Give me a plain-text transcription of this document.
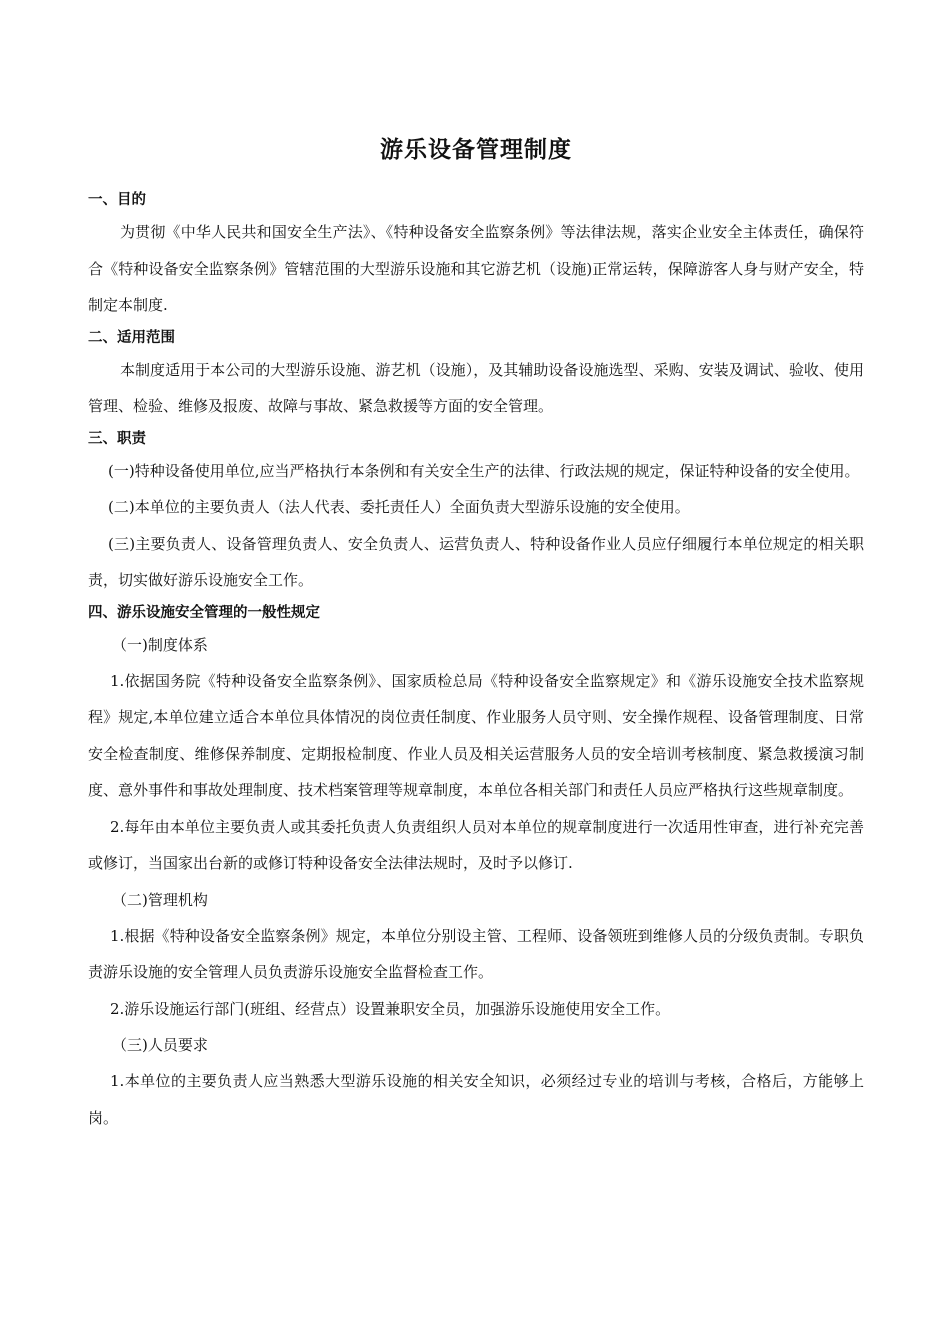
游乐设备管理制度
一、目的

为贯彻《中华人民共和国安全生产法》、《特种设备安全监察条例》等法律法规，落实企业安全主体责任，确保符合《特种设备安全监察条例》管辖范围的大型游乐设施和其它游艺机（设施)正常运转，保障游客人身与财产安全，特制定本制度.

二、适用范围

本制度适用于本公司的大型游乐设施、游艺机（设施），及其辅助设备设施选型、采购、安装及调试、验收、使用管理、检验、维修及报废、故障与事故、紧急救援等方面的安全管理。

三、职责

(一)特种设备使用单位,应当严格执行本条例和有关安全生产的法律、行政法规的规定，保证特种设备的安全使用。

(二)本单位的主要负责人（法人代表、委托责任人）全面负责大型游乐设施的安全使用。

(三)主要负责人、设备管理负责人、安全负责人、运营负责人、特种设备作业人员应仔细履行本单位规定的相关职责，切实做好游乐设施安全工作。

四、游乐设施安全管理的一般性规定
（一)制度体系

1.依据国务院《特种设备安全监察条例》、国家质检总局《特种设备安全监察规定》和《游乐设施安全技术监察规程》规定,本单位建立适合本单位具体情况的岗位责任制度、作业服务人员守则、安全操作规程、设备管理制度、日常安全检查制度、维修保养制度、定期报检制度、作业人员及相关运营服务人员的安全培训考核制度、紧急救援演习制度、意外事件和事故处理制度、技术档案管理等规章制度，本单位各相关部门和责任人员应严格执行这些规章制度。

2.每年由本单位主要负责人或其委托负责人负责组织人员对本单位的规章制度进行一次适用性审查，进行补充完善或修订，当国家出台新的或修订特种设备安全法律法规时，及时予以修订.

（二)管理机构

1.根据《特种设备安全监察条例》规定，本单位分别设主管、工程师、设备领班到维修人员的分级负责制。专职负责游乐设施的安全管理人员负责游乐设施安全监督检查工作。

2.游乐设施运行部门(班组、经营点）设置兼职安全员，加强游乐设施使用安全工作。

（三)人员要求

1.本单位的主要负责人应当熟悉大型游乐设施的相关安全知识，必须经过专业的培训与考核，合格后，方能够上岗。
